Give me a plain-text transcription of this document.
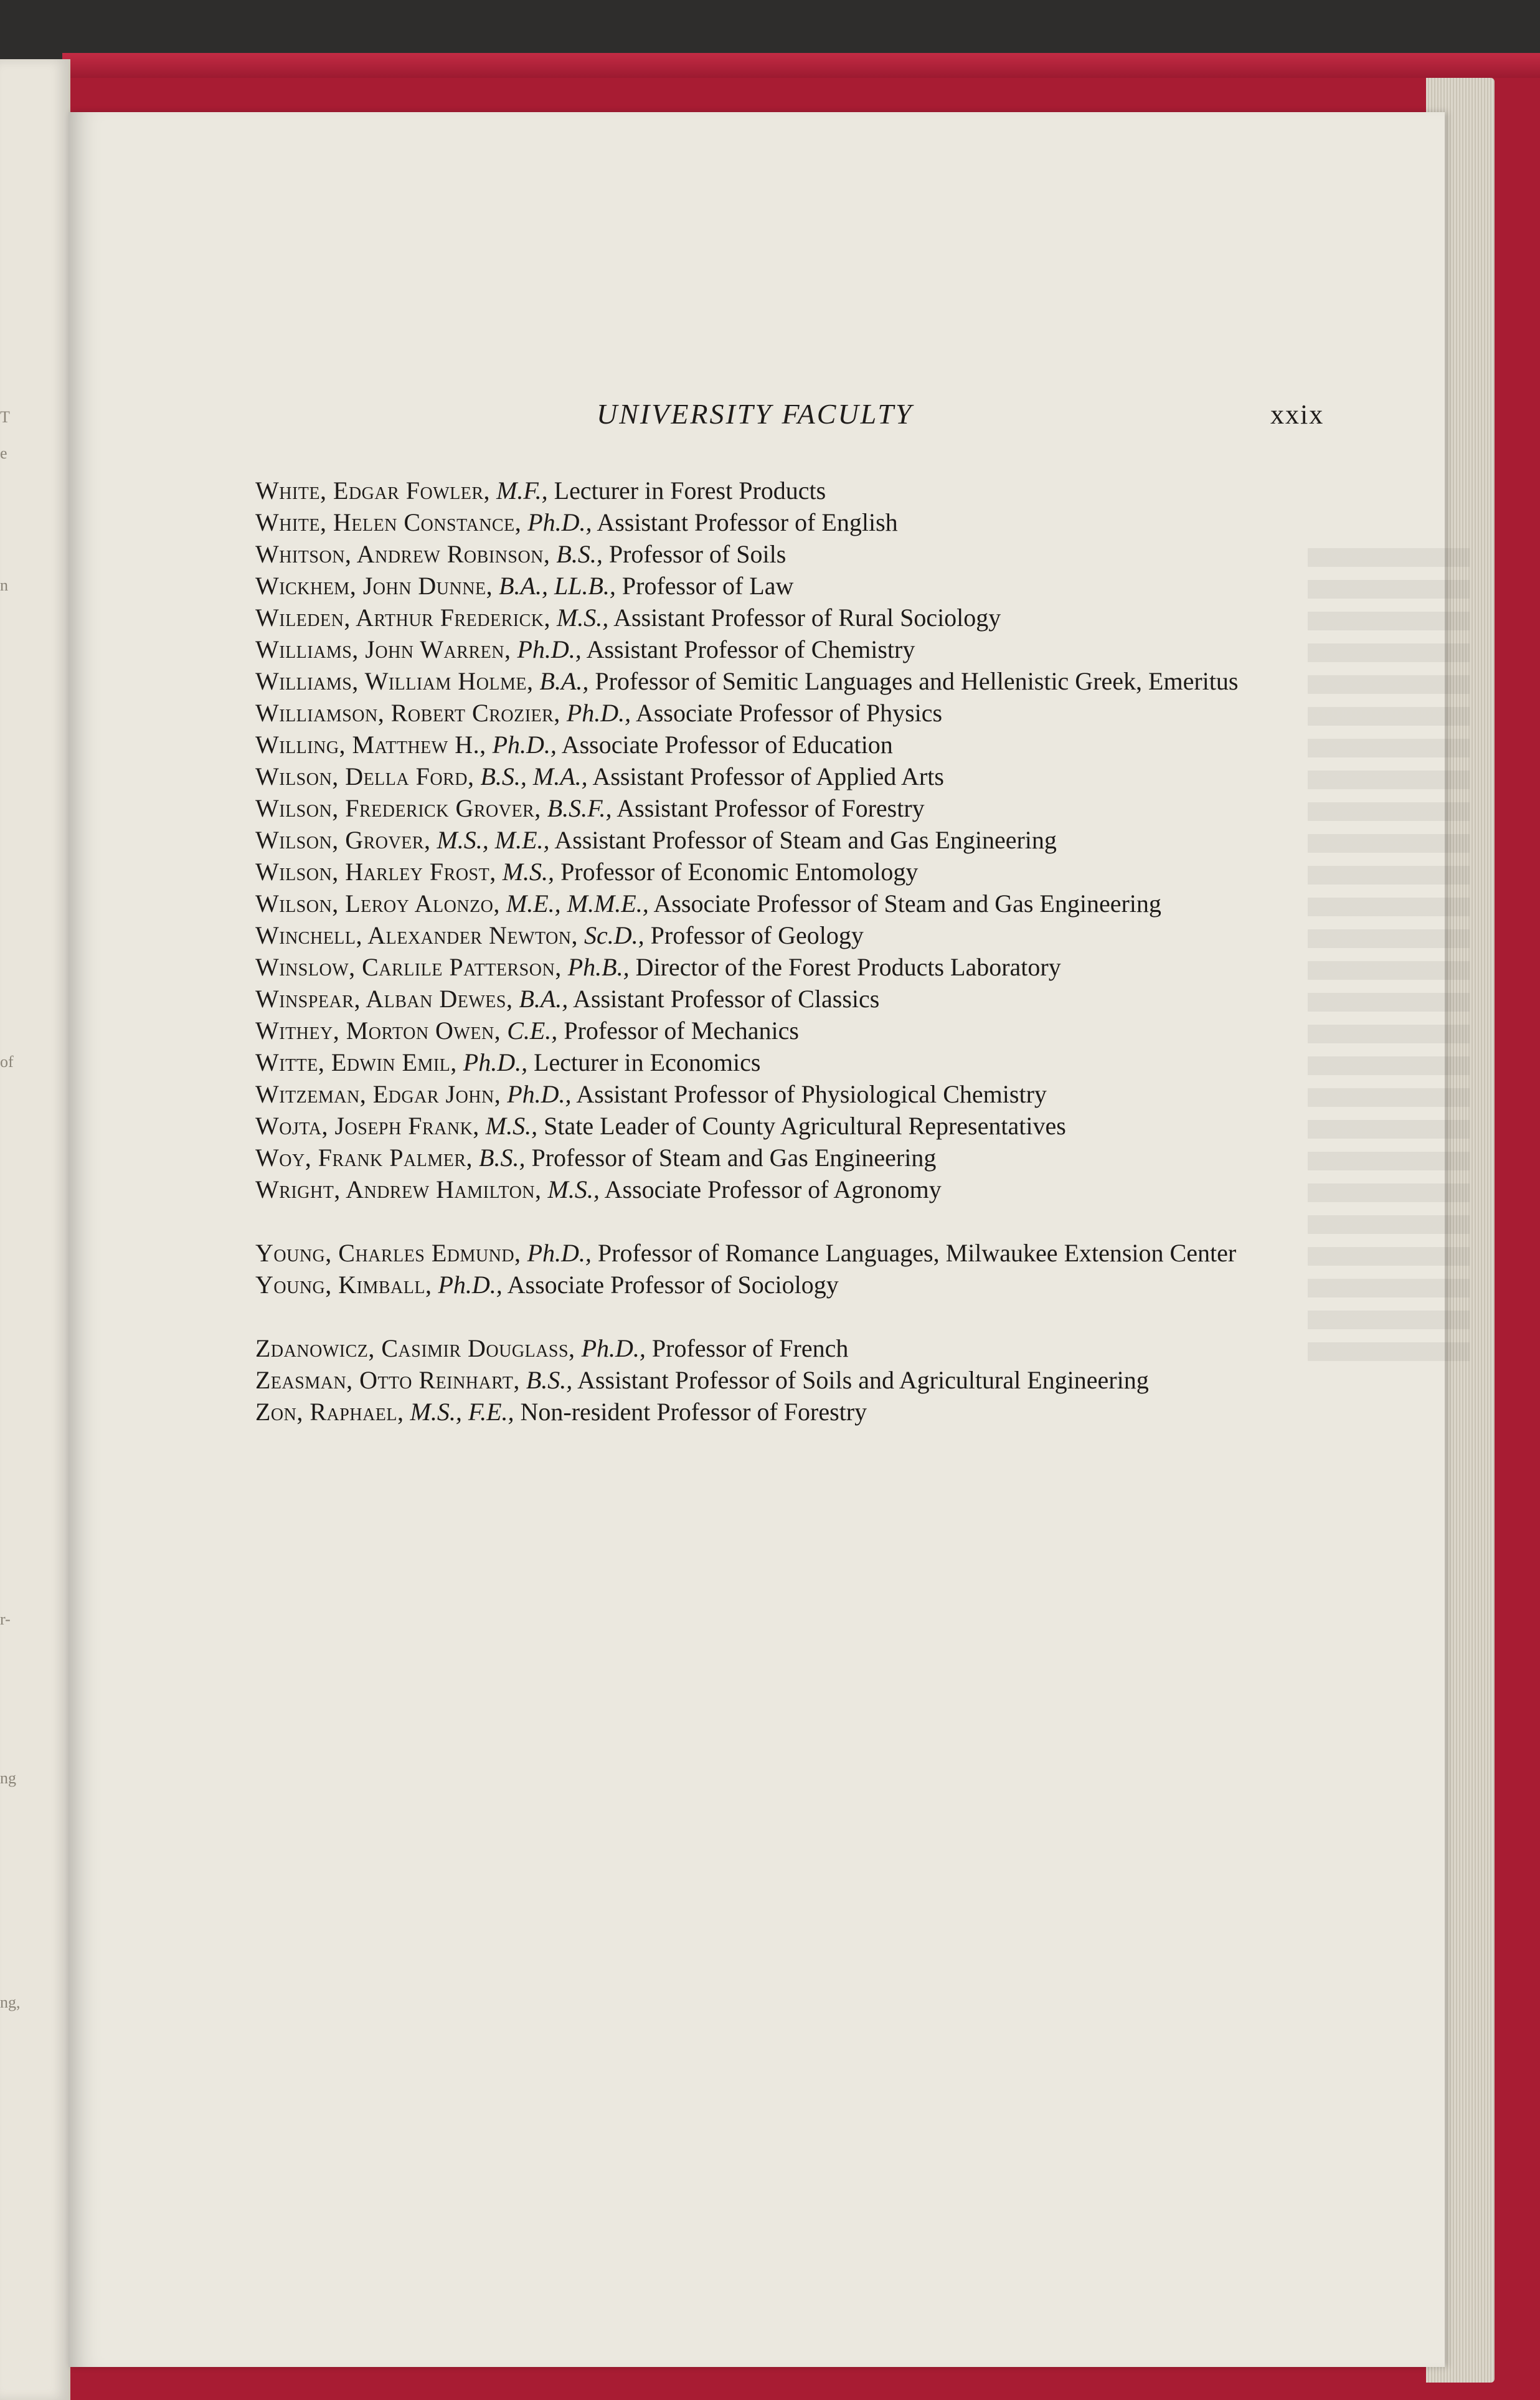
T
e
n
of
r-
ng
ng,
UNIVERSITY FACULTY	xxix
White, Edgar Fowler, M.F., Lecturer in Forest Products
White, Helen Constance, Ph.D., Assistant Professor of English
Whitson, Andrew Robinson, B.S., Professor of Soils
Wickhem, John Dunne, B.A., LL.B., Professor of Law
Wileden, Arthur Frederick, M.S., Assistant Professor of Rural Sociology
Williams, John Warren, Ph.D., Assistant Professor of Chemistry
Williams, William Holme, B.A., Professor of Semitic Languages and Hellenistic Greek, Emeritus
Williamson, Robert Crozier, Ph.D., Associate Professor of Physics
Willing, Matthew H., Ph.D., Associate Professor of Education
Wilson, Della Ford, B.S., M.A., Assistant Professor of Applied Arts
Wilson, Frederick Grover, B.S.F., Assistant Professor of Forestry
Wilson, Grover, M.S., M.E., Assistant Professor of Steam and Gas Engineering
Wilson, Harley Frost, M.S., Professor of Economic Entomology
Wilson, Leroy Alonzo, M.E., M.M.E., Associate Professor of Steam and Gas Engineering
Winchell, Alexander Newton, Sc.D., Professor of Geology
Winslow, Carlile Patterson, Ph.B., Director of the Forest Products Laboratory
Winspear, Alban Dewes, B.A., Assistant Professor of Classics
Withey, Morton Owen, C.E., Professor of Mechanics
Witte, Edwin Emil, Ph.D., Lecturer in Economics
Witzeman, Edgar John, Ph.D., Assistant Professor of Physiological Chemistry
Wojta, Joseph Frank, M.S., State Leader of County Agricultural Representatives
Woy, Frank Palmer, B.S., Professor of Steam and Gas Engineering
Wright, Andrew Hamilton, M.S., Associate Professor of Agronomy
Young, Charles Edmund, Ph.D., Professor of Romance Languages, Milwaukee Extension Center
Young, Kimball, Ph.D., Associate Professor of Sociology
Zdanowicz, Casimir Douglass, Ph.D., Professor of French
Zeasman, Otto Reinhart, B.S., Assistant Professor of Soils and Agricultural Engineering
Zon, Raphael, M.S., F.E., Non-resident Professor of Forestry
